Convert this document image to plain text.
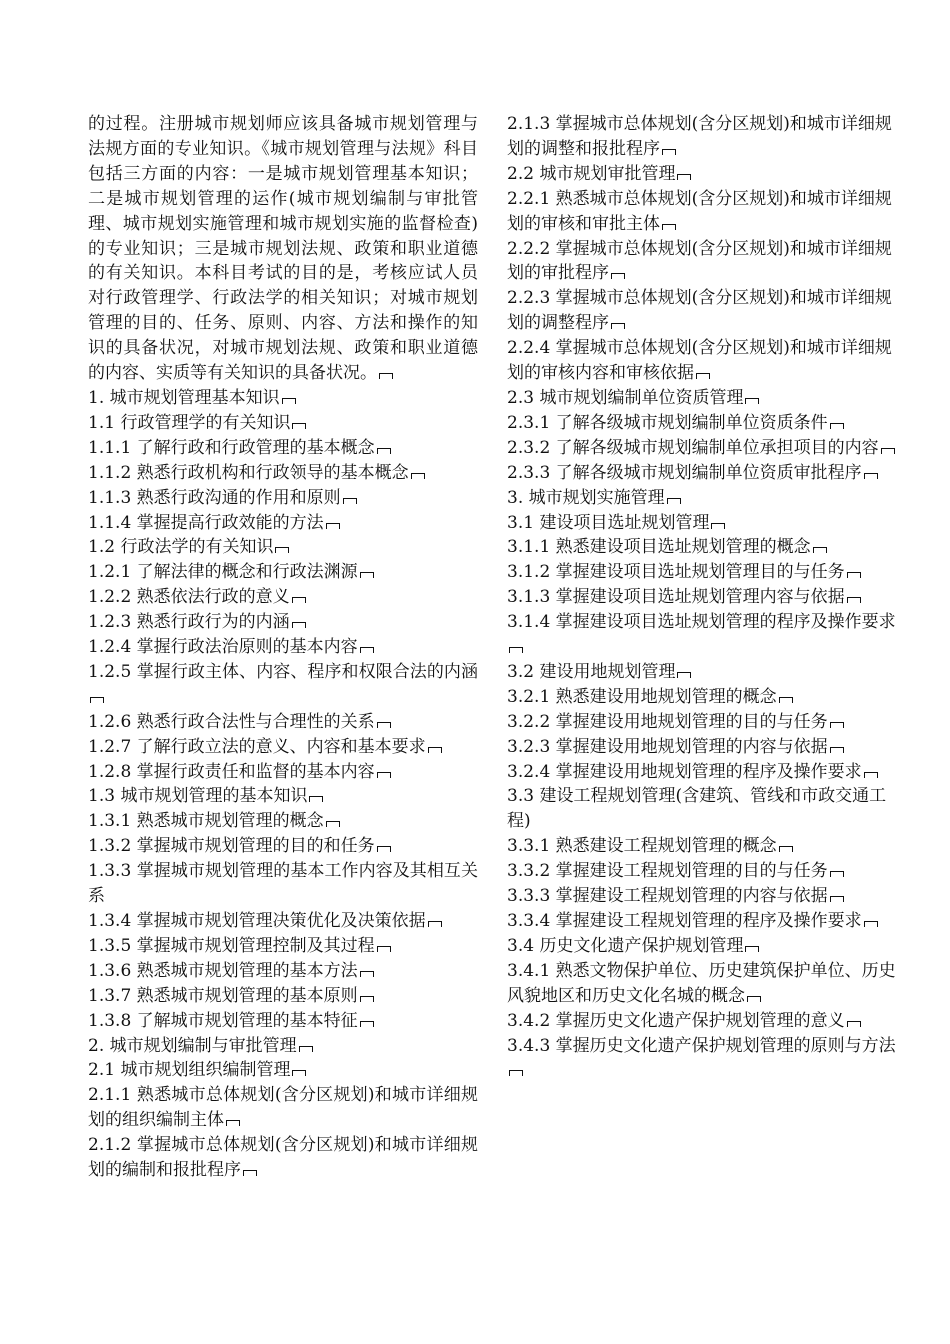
的过程。注册城市规划师应该具备城市规划管理与法规方面的专业知识。《城市规划管理与法规》科目包括三方面的内容：一是城市规划管理基本知识；二是城市规划管理的运作(城市规划编制与审批管理、城市规划实施管理和城市规划实施的监督检查)的专业知识；三是城市规划法规、政策和职业道德的有关知识。本科目考试的目的是，考核应试人员对行政管理学、行政法学的相关知识；对城市规划管理的目的、任务、原则、内容、方法和操作的知识的具备状况，对城市规划法规、政策和职业道德的内容、实质等有关知识的具备状况。
1. 城市规划管理基本知识
1.1 行政管理学的有关知识
1.1.1 了解行政和行政管理的基本概念
1.1.2 熟悉行政机构和行政领导的基本概念
1.1.3 熟悉行政沟通的作用和原则
1.1.4 掌握提高行政效能的方法
1.2 行政法学的有关知识
1.2.1 了解法律的概念和行政法渊源
1.2.2 熟悉依法行政的意义
1.2.3 熟悉行政行为的内涵
1.2.4 掌握行政法治原则的基本内容
1.2.5 掌握行政主体、内容、程序和权限合法的内涵
1.2.6 熟悉行政合法性与合理性的关系
1.2.7 了解行政立法的意义、内容和基本要求
1.2.8 掌握行政责任和监督的基本内容
1.3 城市规划管理的基本知识
1.3.1 熟悉城市规划管理的概念
1.3.2 掌握城市规划管理的目的和任务
1.3.3 掌握城市规划管理的基本工作内容及其相互关系
1.3.4 掌握城市规划管理决策优化及决策依据
1.3.5 掌握城市规划管理控制及其过程
1.3.6 熟悉城市规划管理的基本方法
1.3.7 熟悉城市规划管理的基本原则
1.3.8 了解城市规划管理的基本特征
2. 城市规划编制与审批管理
2.1 城市规划组织编制管理
2.1.1 熟悉城市总体规划(含分区规划)和城市详细规划的组织编制主体
2.1.2 掌握城市总体规划(含分区规划)和城市详细规划的编制和报批程序
2.1.3 掌握城市总体规划(含分区规划)和城市详细规划的调整和报批程序
2.2 城市规划审批管理
2.2.1 熟悉城市总体规划(含分区规划)和城市详细规划的审核和审批主体
2.2.2 掌握城市总体规划(含分区规划)和城市详细规划的审批程序
2.2.3 掌握城市总体规划(含分区规划)和城市详细规划的调整程序
2.2.4 掌握城市总体规划(含分区规划)和城市详细规划的审核内容和审核依据
2.3 城市规划编制单位资质管理
2.3.1 了解各级城市规划编制单位资质条件
2.3.2 了解各级城市规划编制单位承担项目的内容
2.3.3 了解各级城市规划编制单位资质审批程序
3. 城市规划实施管理
3.1 建设项目选址规划管理
3.1.1 熟悉建设项目选址规划管理的概念
3.1.2 掌握建设项目选址规划管理目的与任务
3.1.3 掌握建设项目选址规划管理内容与依据
3.1.4 掌握建设项目选址规划管理的程序及操作要求
3.2 建设用地规划管理
3.2.1 熟悉建设用地规划管理的概念
3.2.2 掌握建设用地规划管理的目的与任务
3.2.3 掌握建设用地规划管理的内容与依据
3.2.4 掌握建设用地规划管理的程序及操作要求
3.3 建设工程规划管理(含建筑、管线和市政交通工程)
3.3.1 熟悉建设工程规划管理的概念
3.3.2 掌握建设工程规划管理的目的与任务
3.3.3 掌握建设工程规划管理的内容与依据
3.3.4 掌握建设工程规划管理的程序及操作要求
3.4 历史文化遗产保护规划管理
3.4.1 熟悉文物保护单位、历史建筑保护单位、历史风貌地区和历史文化名城的概念
3.4.2 掌握历史文化遗产保护规划管理的意义
3.4.3 掌握历史文化遗产保护规划管理的原则与方法
